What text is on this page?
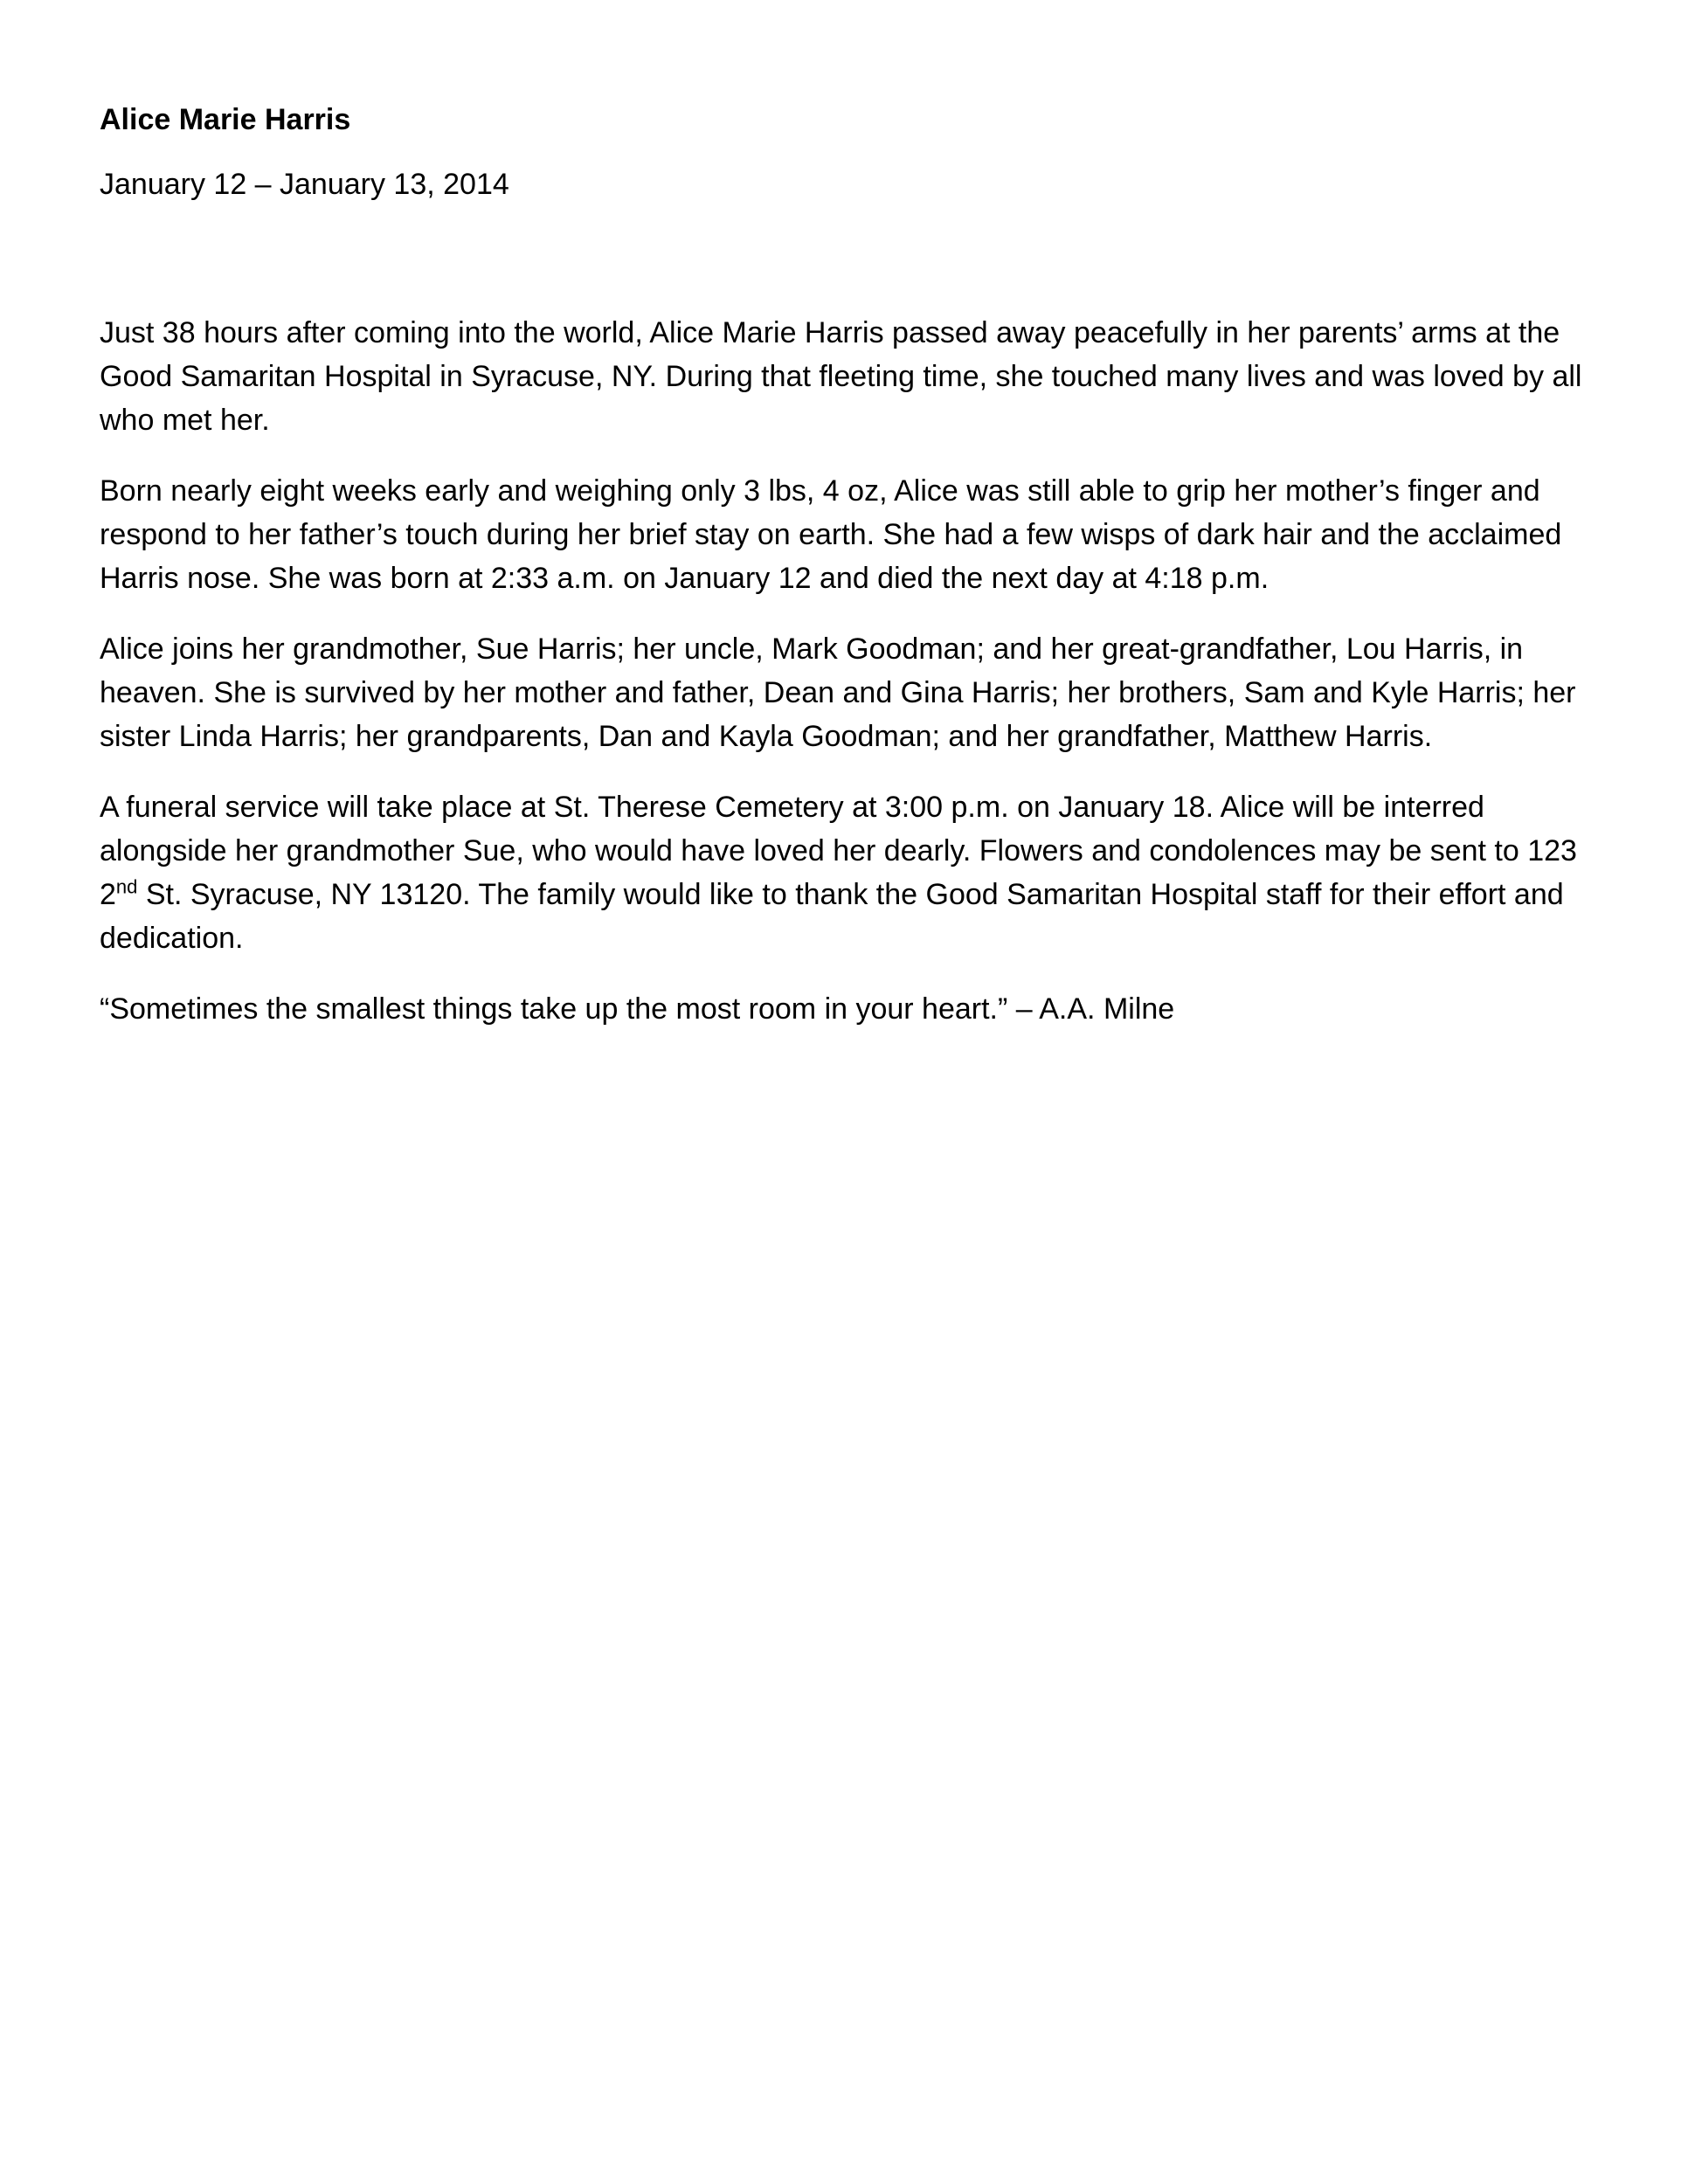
Alice Marie Harris
January 12 – January 13, 2014

Just 38 hours after coming into the world, Alice Marie Harris passed away peacefully in her parents’ arms at the Good Samaritan Hospital in Syracuse, NY. During that fleeting time, she touched many lives and was loved by all who met her.

Born nearly eight weeks early and weighing only 3 lbs, 4 oz, Alice was still able to grip her mother’s finger and respond to her father’s touch during her brief stay on earth. She had a few wisps of dark hair and the acclaimed Harris nose. She was born at 2:33 a.m. on January 12 and died the next day at 4:18 p.m.

Alice joins her grandmother, Sue Harris; her uncle, Mark Goodman; and her great-grandfather, Lou Harris, in heaven. She is survived by her mother and father, Dean and Gina Harris; her brothers, Sam and Kyle Harris; her sister Linda Harris; her grandparents, Dan and Kayla Goodman; and her grandfather, Matthew Harris.

A funeral service will take place at St. Therese Cemetery at 3:00 p.m. on January 18. Alice will be interred alongside her grandmother Sue, who would have loved her dearly. Flowers and condolences may be sent to 123 2nd St. Syracuse, NY 13120. The family would like to thank the Good Samaritan Hospital staff for their effort and dedication.

“Sometimes the smallest things take up the most room in your heart.” – A.A. Milne
